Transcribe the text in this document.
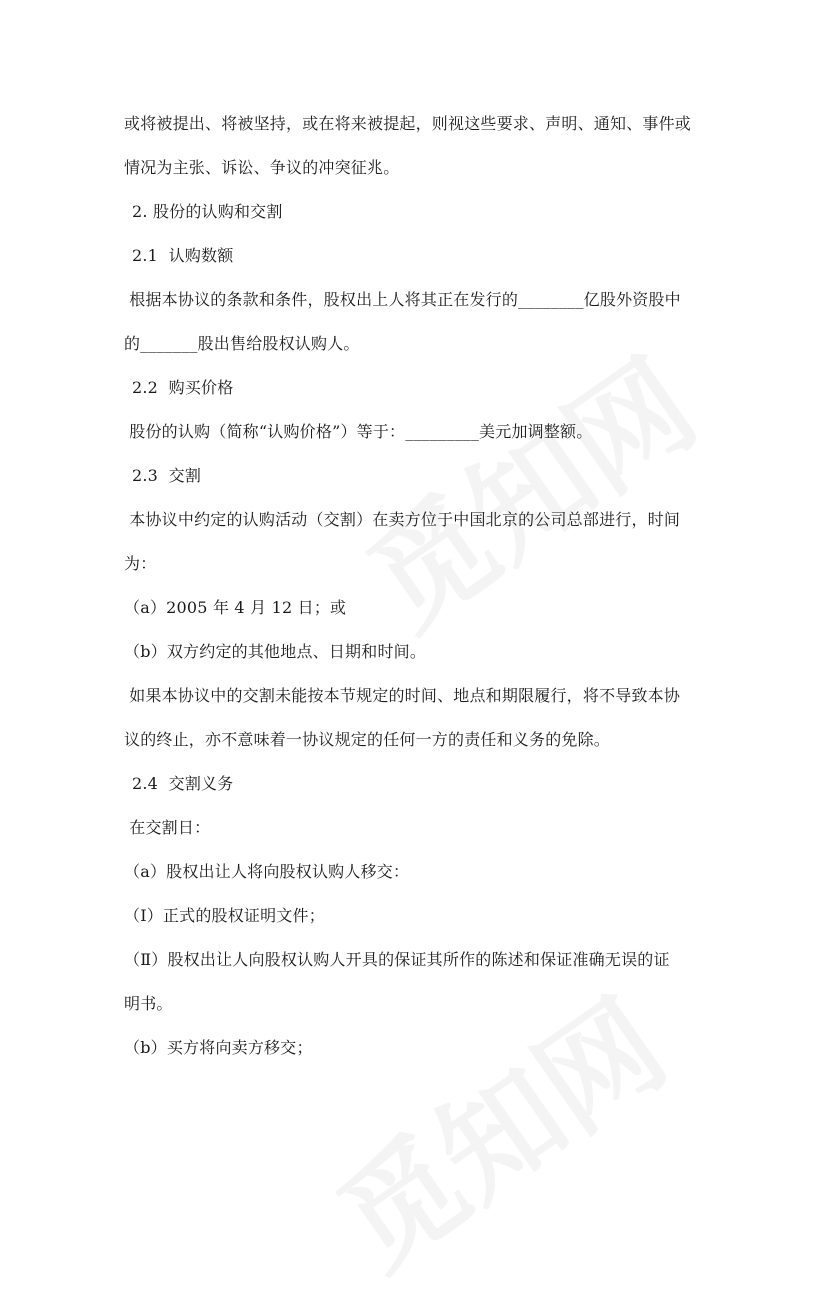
或将被提出、将被坚持，或在将来被提起，则视这些要求、声明、通知、事件或
情况为主张、诉讼、争议的冲突征兆。
2. 股份的认购和交割
2.1  认购数额
根据本协议的条款和条件，股权出上人将其正在发行的________亿股外资股中
的_______股出售给股权认购人。
2.2  购买价格
股份的认购（简称“认购价格”）等于：_________美元加调整额。
2.3  交割
本协议中约定的认购活动（交割）在卖方位于中国北京的公司总部进行，时间
为：
（a）2005 年 4 月 12 日；或
（b）双方约定的其他地点、日期和时间。
如果本协议中的交割未能按本节规定的时间、地点和期限履行，将不导致本协
议的终止，亦不意味着一协议规定的任何一方的责任和义务的免除。
2.4  交割义务
在交割日：
（a）股权出让人将向股权认购人移交：
（Ⅰ）正式的股权证明文件；
（Ⅱ）股权出让人向股权认购人开具的保证其所作的陈述和保证准确无误的证
明书。
（b）买方将向卖方移交；
